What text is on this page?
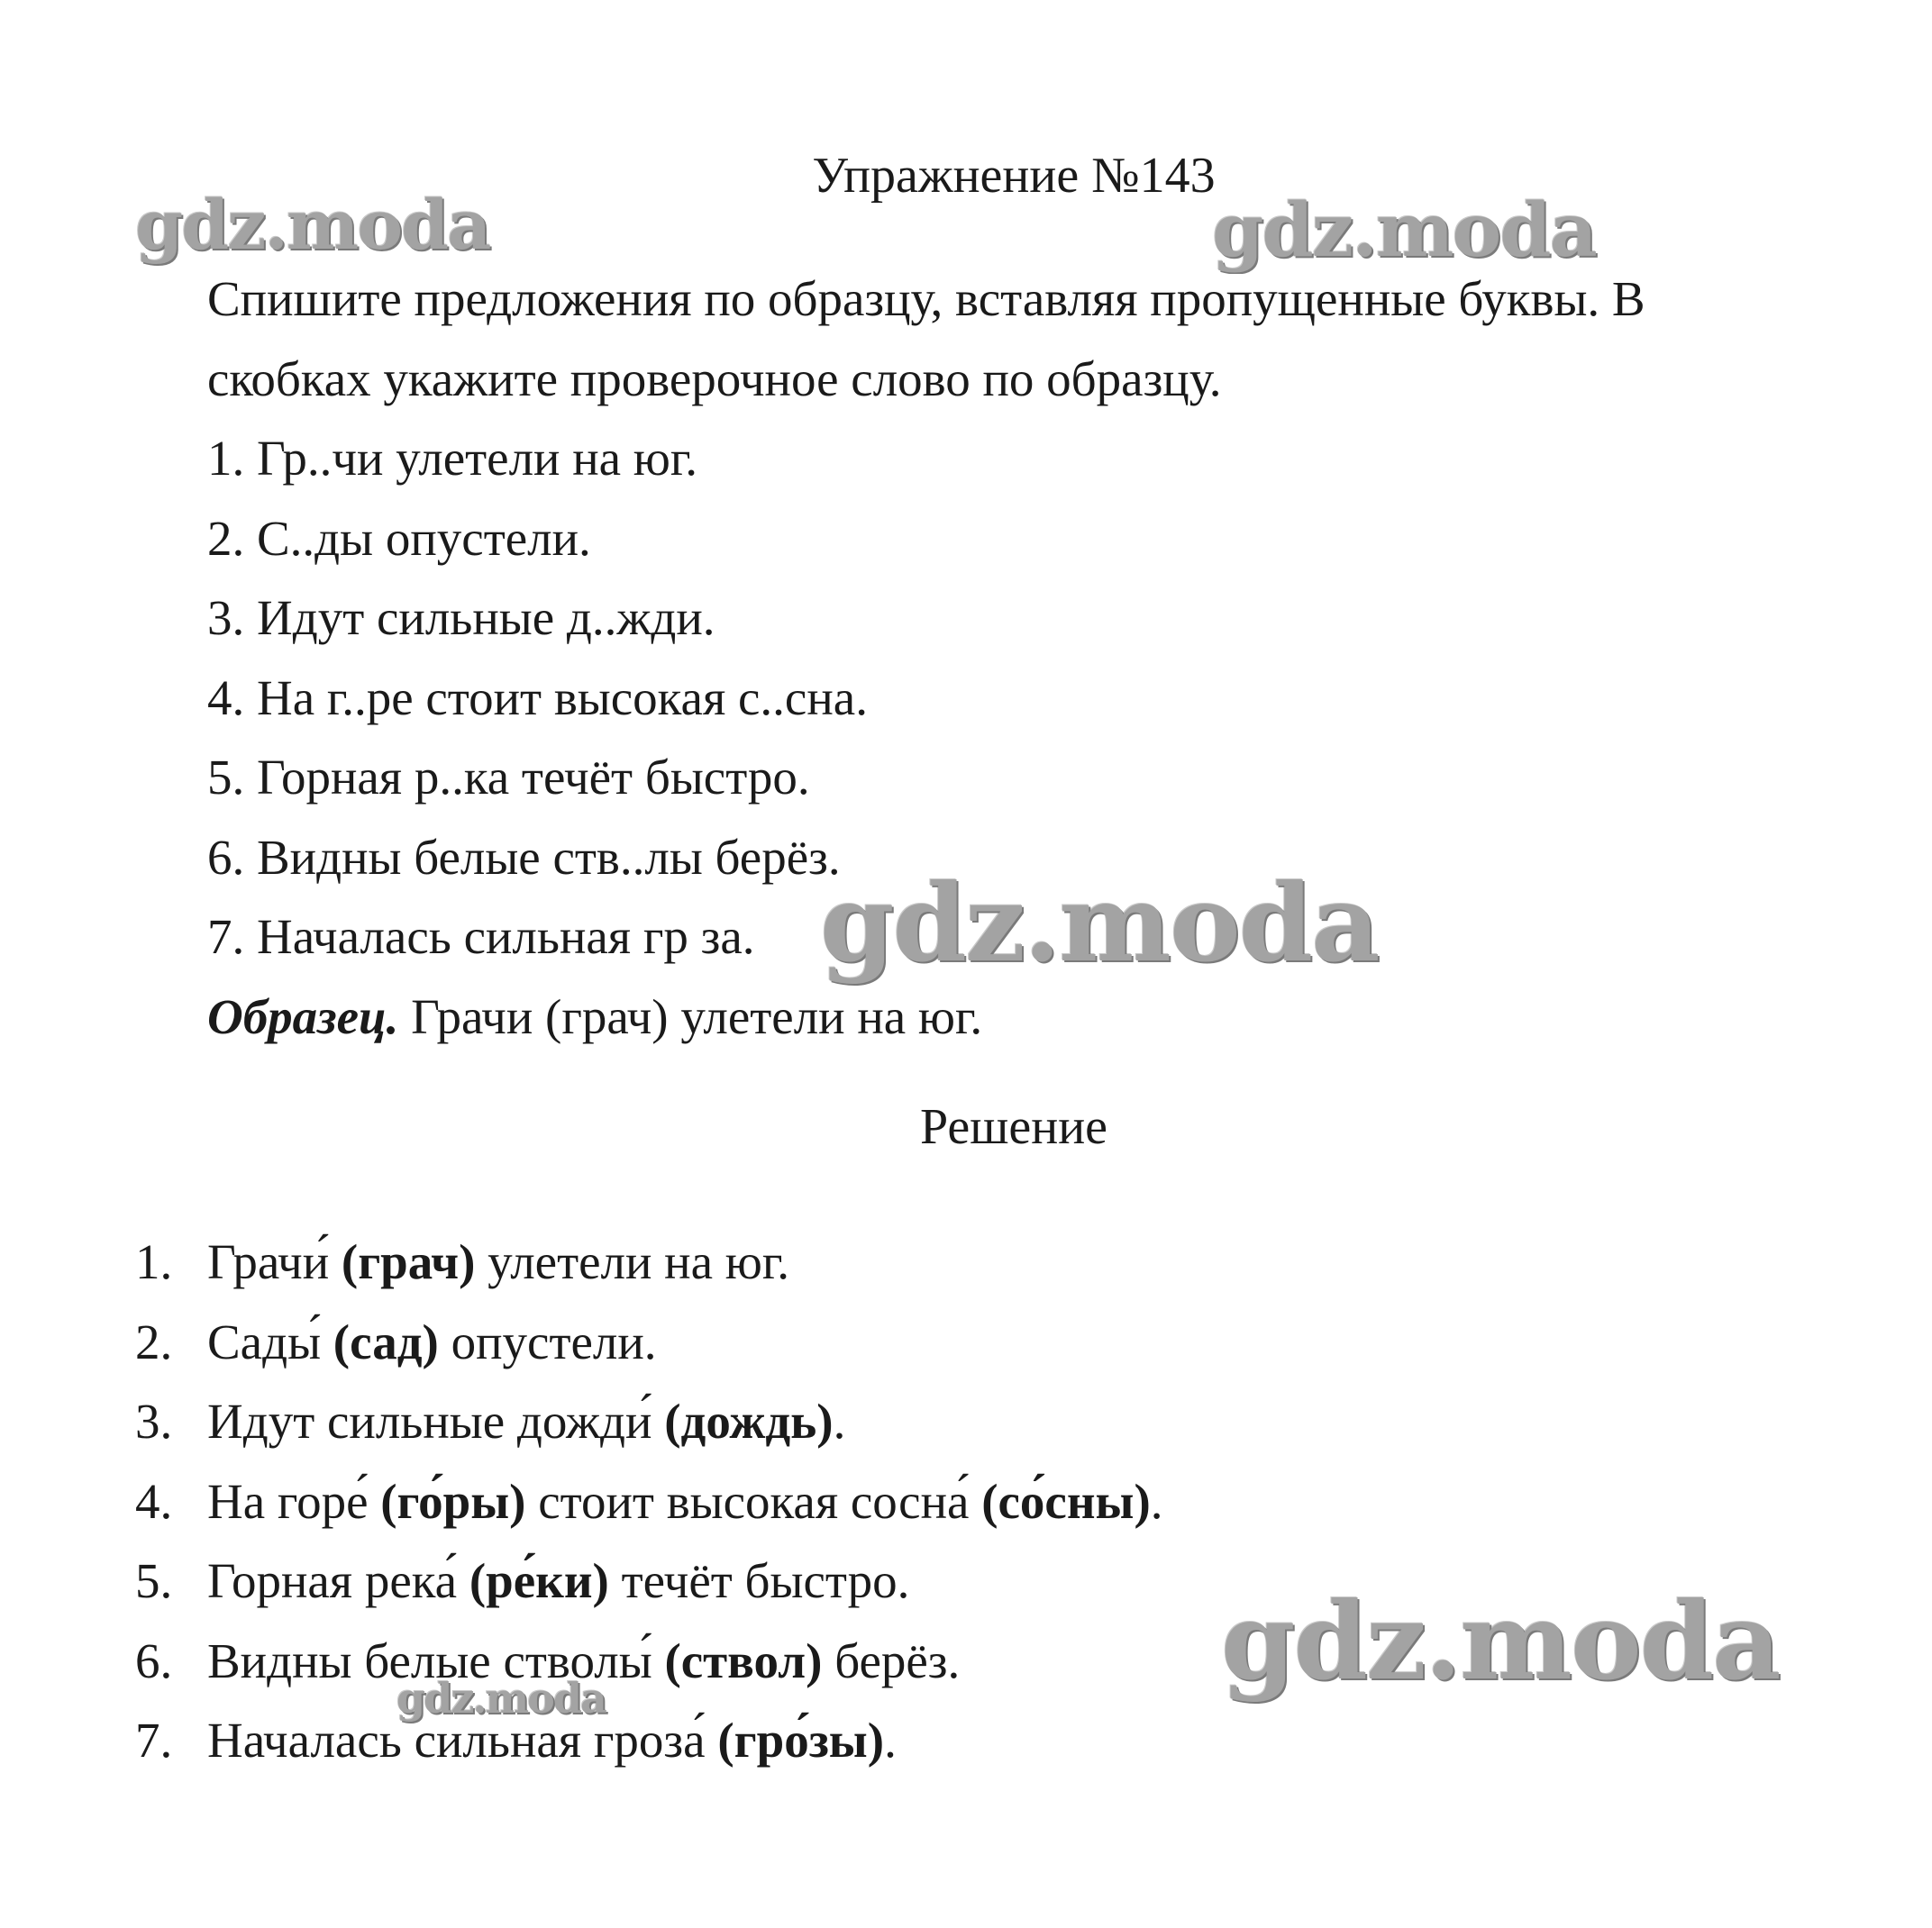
Упражнение №143

Спишите предложения по образцу, вставляя пропущенные буквы. В

скобках укажите проверочное слово по образцу.

1. Гр..чи улетели на юг.

2. С..ды опустели.

3. Идут сильные д..жди.

4. На г..ре стоит высокая с..сна.

5. Горная р..ка течёт быстро.

6. Видны белые ств..лы берёз.

7. Началась сильная гр за.

Образец. Грачи (грач) улетели на юг.

Решение
1. Грачи́ (грач) улетели на юг.
2. Сады́ (сад) опустели.
3. Идут сильные дожди́ (дождь).
4. На горе́ (го́ры) стоит высокая сосна́ (со́сны).
5. Горная река́ (ре́ки) течёт быстро.
6. Видны белые стволы́ (ствол) берёз.
7. Началась сильная гроза́ (гро́зы).
gdz.moda	gdz.moda
gdz.moda
gdz.moda
gdz.moda
